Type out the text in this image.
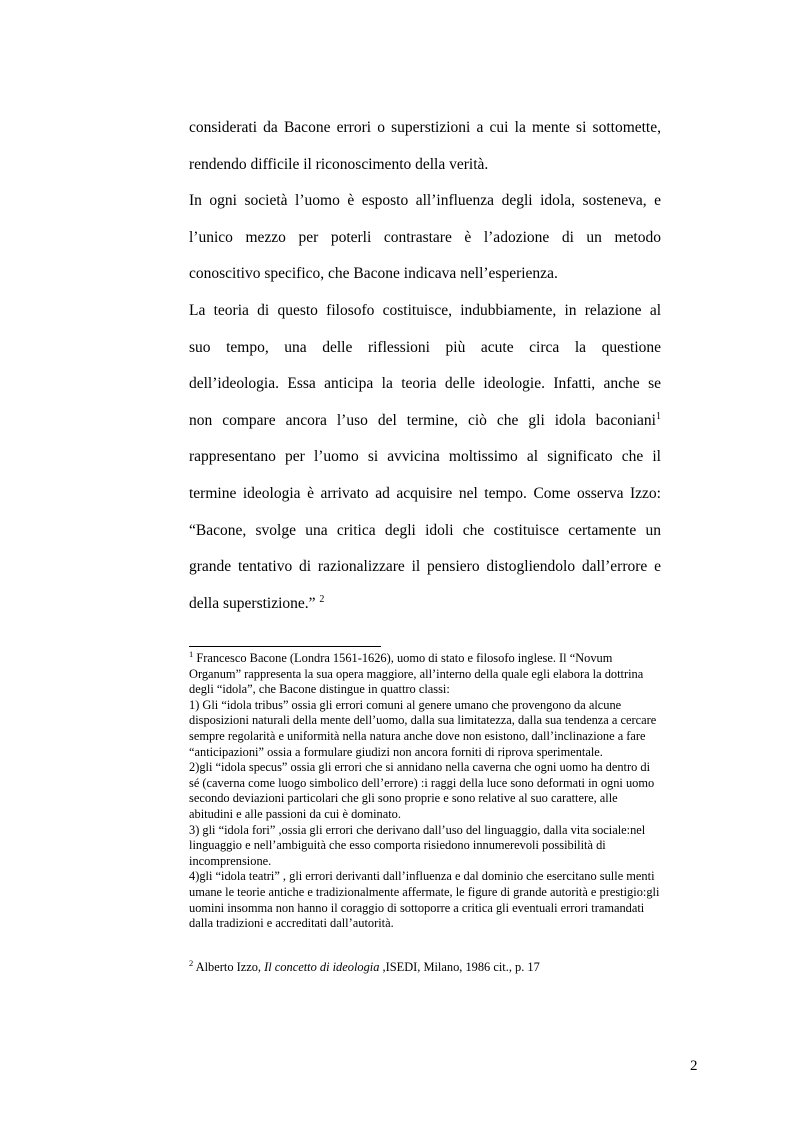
considerati da Bacone errori o superstizioni a cui la mente si sottomette,
rendendo difficile il riconoscimento della verità.

In ogni società l’uomo è esposto all’influenza degli idola, sosteneva, e
l’unico mezzo per poterli contrastare è l’adozione di un metodo
conoscitivo specifico, che Bacone indicava nell’esperienza.

La teoria di questo filosofo costituisce, indubbiamente, in relazione al
suo tempo, una delle riflessioni più acute circa la questione
dell’ideologia. Essa anticipa la teoria delle ideologie. Infatti, anche se
non compare ancora l’uso del termine, ciò che gli idola baconiani$^1$
rappresentano per l’uomo si avvicina moltissimo al significato che il
termine ideologia è arrivato ad acquisire nel tempo. Come osserva Izzo:
“Bacone, svolge una critica degli idoli che costituisce certamente un
grande tentativo di razionalizzare il pensiero distogliendolo dall’errore e
della superstizione.” $^2$

$^1$ Francesco Bacone (Londra 1561-1626), uomo di stato e filosofo inglese. Il “Novum
Organum” rappresenta la sua opera maggiore, all’interno della quale egli elabora la dottrina
degli “idola”, che Bacone distingue in quattro classi:
1) Gli “idola tribus” ossia gli errori comuni al genere umano che provengono da alcune
disposizioni naturali della mente dell’uomo, dalla sua limitatezza, dalla sua tendenza a cercare
sempre regolarità e uniformità nella natura anche dove non esistono, dall’inclinazione a fare
“anticipazioni” ossia a formulare giudizi non ancora forniti di riprova sperimentale.
2)gli “idola specus” ossia gli errori che si annidano nella caverna che ogni uomo ha dentro di
sé (caverna come luogo simbolico dell’errore) :i raggi della luce sono deformati in ogni uomo
secondo deviazioni particolari che gli sono proprie e sono relative al suo carattere, alle
abitudini e alle passioni da cui è dominato.
3) gli “idola fori” ,ossia gli errori che derivano dall’uso del linguaggio, dalla vita sociale:nel
linguaggio e nell’ambiguità che esso comporta risiedono innumerevoli possibilità di
incomprensione.
4)gli “idola teatri” , gli errori derivanti dall’influenza e dal dominio che esercitano sulle menti
umane le teorie antiche e tradizionalmente affermate, le figure di grande autorità e prestigio:gli
uomini insomma non hanno il coraggio di sottoporre a critica gli eventuali errori tramandati
dalla tradizioni e accreditati dall’autorità.
$^2$ Alberto Izzo, Il concetto di ideologia ,ISEDI, Milano, 1986 cit., p. 17
2
